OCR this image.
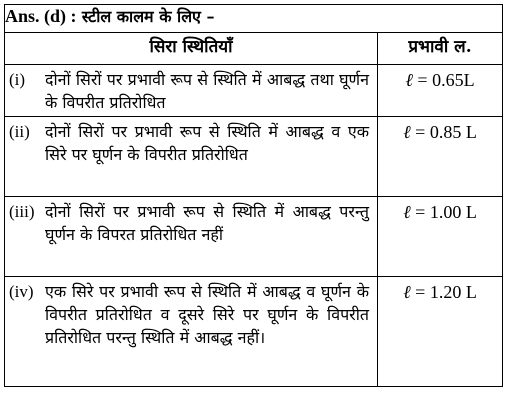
Ans. (d) : स्टील कालम के लिए –	
सिरा स्थितियाँ	प्रभावी ल.

(i) दोनों सिरों पर प्रभावी रूप से स्थिति में आबद्ध तथा घूर्णन के विपरीत प्रतिरोधित	ℓ = 0.65L

(ii) दोनों सिरों पर प्रभावी रूप से स्थिति में आबद्ध व एक सिरे पर घूर्णन के विपरीत प्रतिरोधित	ℓ = 0.85 L

(iii) दोनों सिरों पर प्रभावी रूप से स्थिति में आबद्ध परन्तु घूर्णन के विपरत प्रतिरोधित नहीं	ℓ = 1.00 L

(iv) एक सिरे पर प्रभावी रूप से स्थिति में आबद्ध व घूर्णन के विपरीत प्रतिरोधित व दूसरे सिरे पर घूर्णन के विपरीत प्रतिरोधित परन्तु स्थिति में आबद्ध नहीं।	ℓ = 1.20 L
